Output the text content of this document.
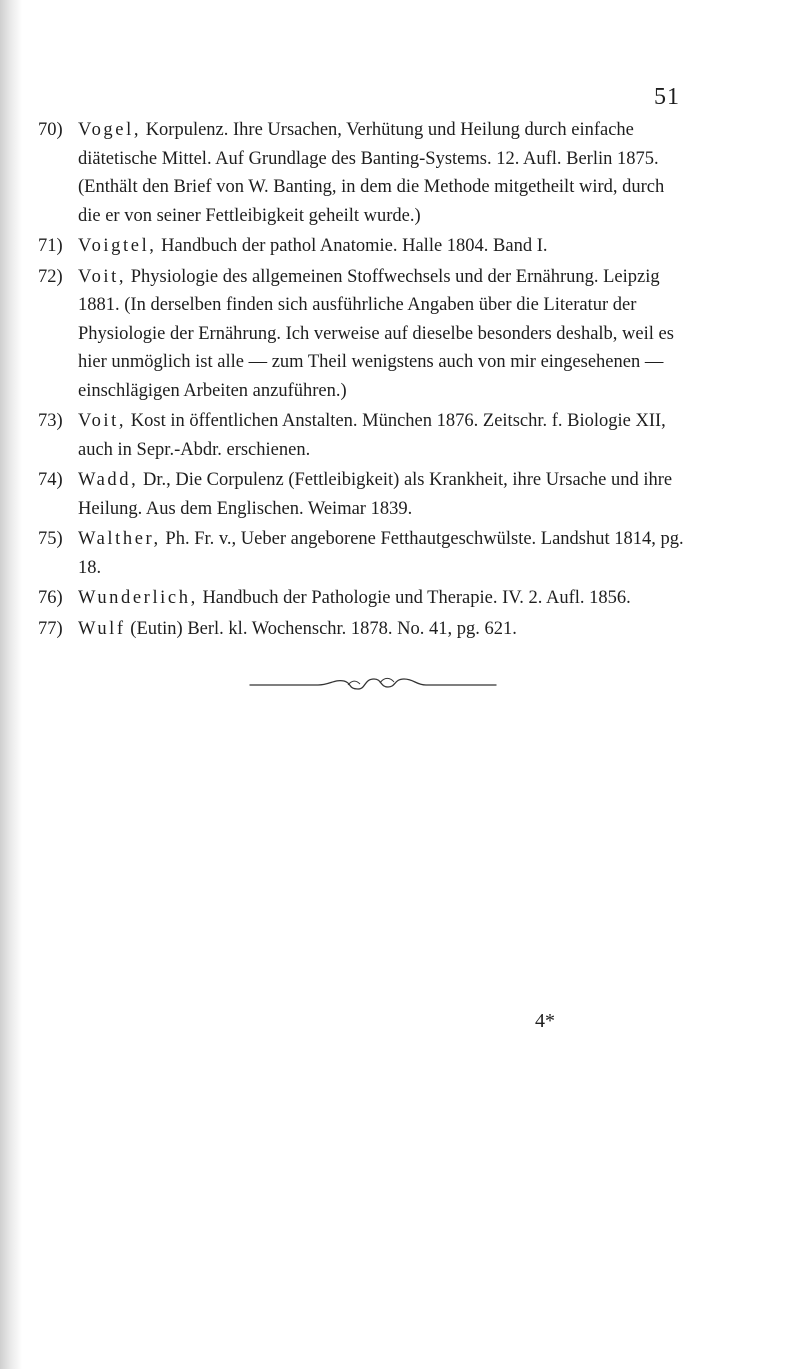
51
70) Vogel, Korpulenz. Ihre Ursachen, Verhütung und Heilung durch einfache diätetische Mittel. Auf Grundlage des Banting-Systems. 12. Aufl. Berlin 1875. (Enthält den Brief von W. Banting, in dem die Methode mitgetheilt wird, durch die er von seiner Fettleibigkeit geheilt wurde.)
71) Voigtel, Handbuch der pathol Anatomie. Halle 1804. Band I.
72) Voit, Physiologie des allgemeinen Stoffwechsels und der Ernährung. Leipzig 1881. (In derselben finden sich ausführliche Angaben über die Literatur der Physiologie der Ernährung. Ich verweise auf dieselbe besonders deshalb, weil es hier unmöglich ist alle — zum Theil wenigstens auch von mir eingesehenen — einschlägigen Arbeiten anzuführen.)
73) Voit, Kost in öffentlichen Anstalten. München 1876. Zeitschr. f. Biologie XII, auch in Sepr.-Abdr. erschienen.
74) Wadd, Dr., Die Corpulenz (Fettleibigkeit) als Krankheit, ihre Ursache und ihre Heilung. Aus dem Englischen. Weimar 1839.
75) Walther, Ph. Fr. v., Ueber angeborene Fetthautgeschwülste. Landshut 1814, pg. 18.
76) Wunderlich, Handbuch der Pathologie und Therapie. IV. 2. Aufl. 1856.
77) Wulf (Eutin) Berl. kl. Wochenschr. 1878. No. 41, pg. 621.
4*
